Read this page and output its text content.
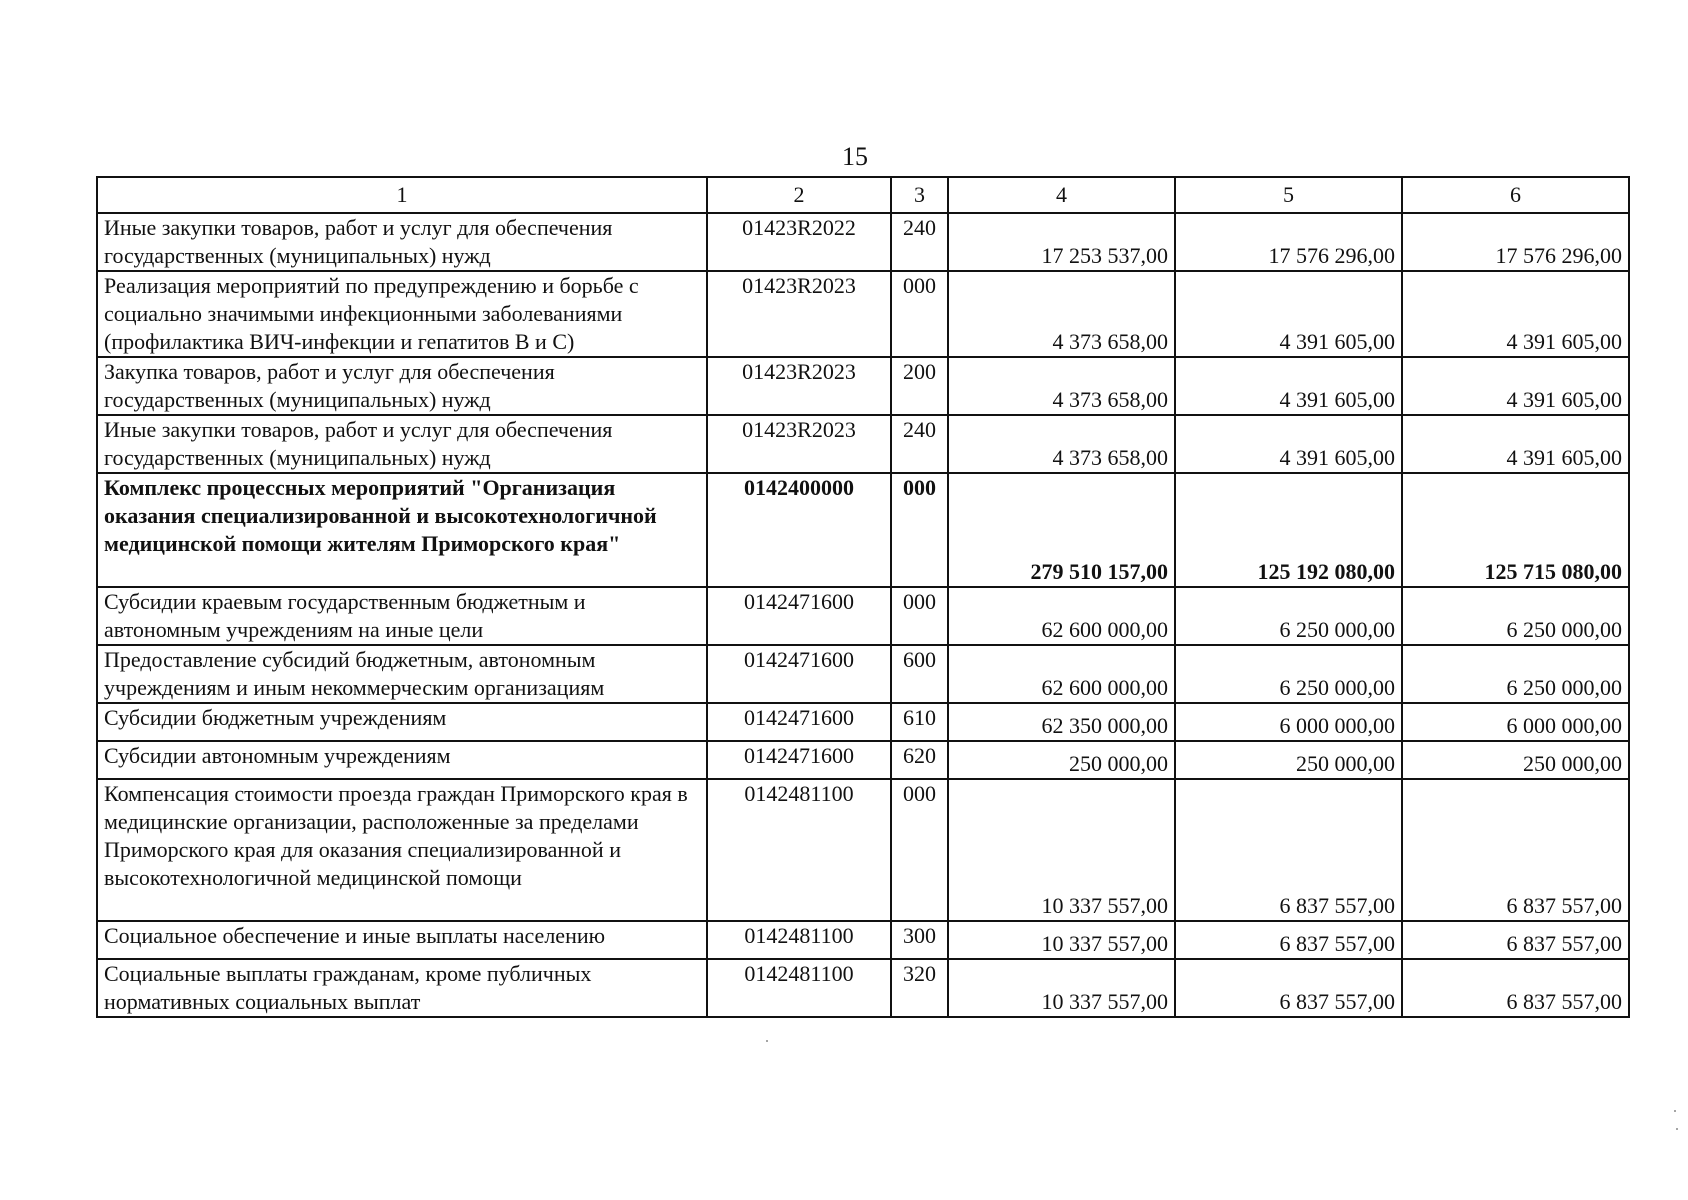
15
1	2	3	4	5	6
Иные закупки товаров, работ и услуг для обеспечения государственных (муниципальных) нужд	01423R2022	240	17 253 537,00	17 576 296,00	17 576 296,00
Реализация мероприятий по предупреждению и борьбе с социально значимыми инфекционными заболеваниями (профилактика ВИЧ-инфекции и гепатитов В и С)	01423R2023	000	4 373 658,00	4 391 605,00	4 391 605,00
Закупка товаров, работ и услуг для обеспечения государственных (муниципальных) нужд	01423R2023	200	4 373 658,00	4 391 605,00	4 391 605,00
Иные закупки товаров, работ и услуг для обеспечения государственных (муниципальных) нужд	01423R2023	240	4 373 658,00	4 391 605,00	4 391 605,00
Комплекс процессных мероприятий "Организация оказания специализированной и высокотехнологичной медицинской помощи жителям Приморского края"	0142400000	000	279 510 157,00	125 192 080,00	125 715 080,00
Субсидии краевым государственным бюджетным и автономным учреждениям на иные цели	0142471600	000	62 600 000,00	6 250 000,00	6 250 000,00
Предоставление субсидий бюджетным, автономным учреждениям и иным некоммерческим организациям	0142471600	600	62 600 000,00	6 250 000,00	6 250 000,00
Субсидии бюджетным учреждениям	0142471600	610	62 350 000,00	6 000 000,00	6 000 000,00
Субсидии автономным учреждениям	0142471600	620	250 000,00	250 000,00	250 000,00
Компенсация стоимости проезда граждан Приморского края в медицинские организации, расположенные за пределами Приморского края для оказания специализированной и высокотехнологичной медицинской помощи	0142481100	000	10 337 557,00	6 837 557,00	6 837 557,00
Социальное обеспечение и иные выплаты населению	0142481100	300	10 337 557,00	6 837 557,00	6 837 557,00
Социальные выплаты гражданам, кроме публичных нормативных социальных выплат	0142481100	320	10 337 557,00	6 837 557,00	6 837 557,00
